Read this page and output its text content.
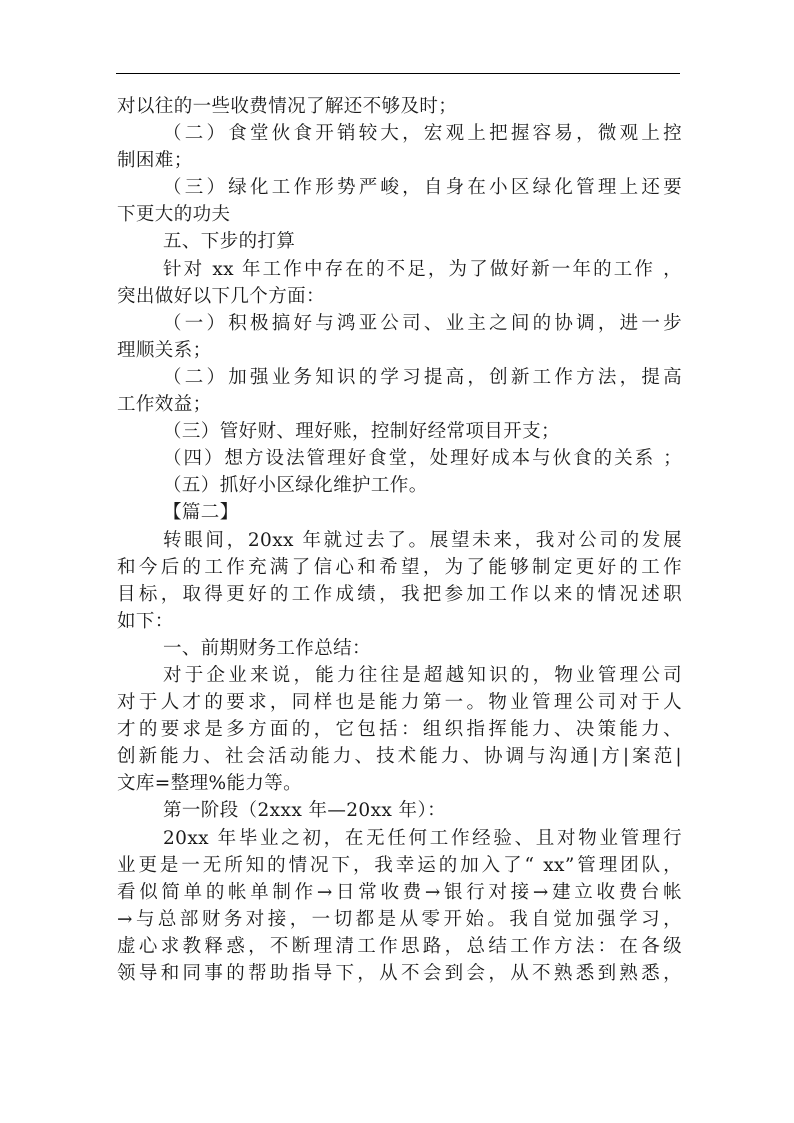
对以往的一些收费情况了解还不够及时；
（二）食堂伙食开销较大，宏观上把握容易，微观上控
制困难；
（三）绿化工作形势严峻，自身在小区绿化管理上还要
下更大的功夫
五、下步的打算
针对 xx 年工作中存在的不足，为了做好新一年的工作 ，
突出做好以下几个方面：
（一）积极搞好与鸿亚公司、业主之间的协调，进一步
理顺关系；
（二）加强业务知识的学习提高，创新工作方法，提高
工作效益；
（三）管好财、理好账，控制好经常项目开支；
（四）想方设法管理好食堂，处理好成本与伙食的关系 ；
（五）抓好小区绿化维护工作。
【篇二】
转眼间，20xx 年就过去了。展望未来，我对公司的发展
和今后的工作充满了信心和希望，为了能够制定更好的工作
目标，取得更好的工作成绩，我把参加工作以来的情况述职
如下：
一、前期财务工作总结：
对于企业来说，能力往往是超越知识的，物业管理公司
对于人才的要求，同样也是能力第一。物业管理公司对于人
才的要求是多方面的，它包括：组织指挥能力、决策能力、
创新能力、社会活动能力、技术能力、协调与沟通|方|案范|
文库=整理%能力等。
第一阶段（2xxx 年—20xx 年）：
20xx 年毕业之初，在无任何工作经验、且对物业管理行
业更是一无所知的情况下，我幸运的加入了“ xx”管理团队，
看似简单的帐单制作→日常收费→银行对接→建立收费台帐
→与总部财务对接，一切都是从零开始。我自觉加强学习，
虚心求教释惑，不断理清工作思路，总结工作方法：在各级
领导和同事的帮助指导下，从不会到会，从不熟悉到熟悉，
